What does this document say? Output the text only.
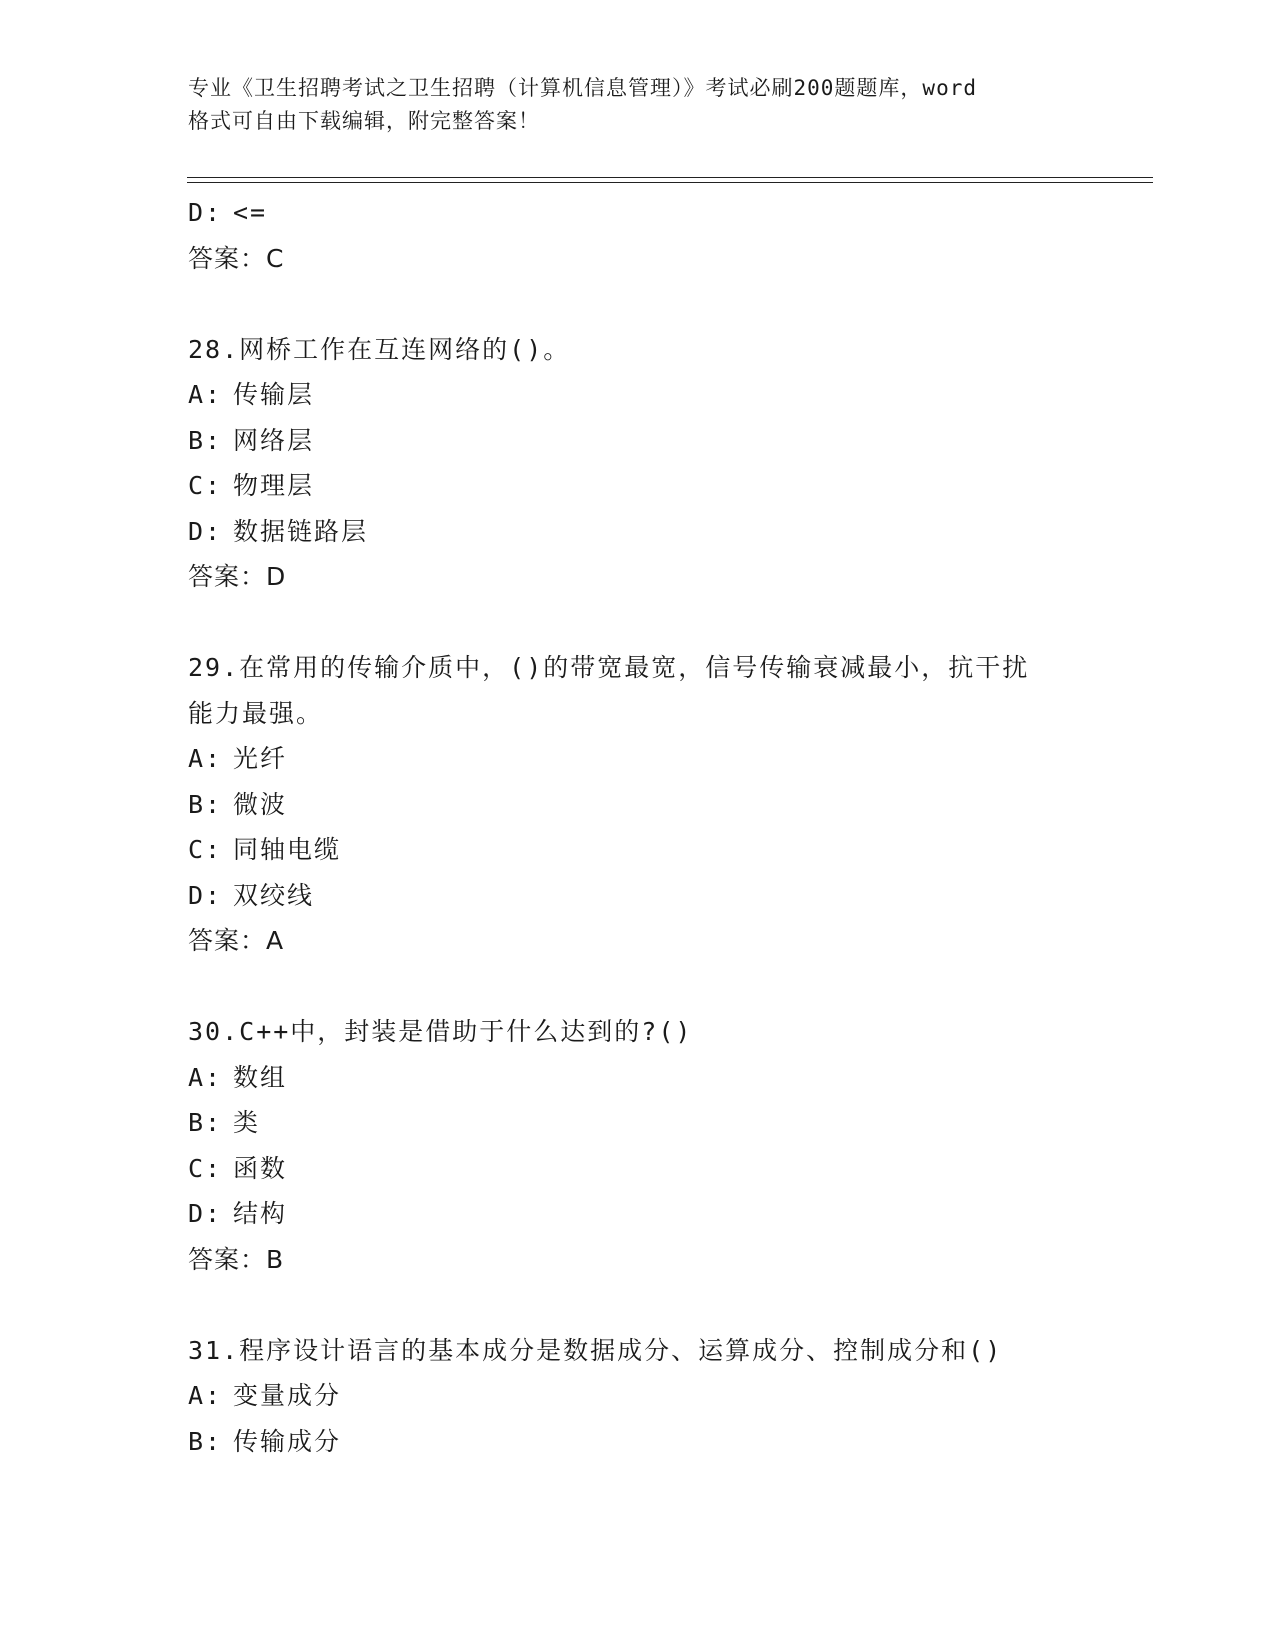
专业《卫生招聘考试之卫生招聘（计算机信息管理）》考试必刷200题题库，word
格式可自由下载编辑，附完整答案！
D: <=
答案：C
28.网桥工作在互连网络的()。
A: 传输层
B: 网络层
C: 物理层
D: 数据链路层
答案：D
29.在常用的传输介质中，()的带宽最宽，信号传输衰减最小，抗干扰
能力最强。
A: 光纤
B: 微波
C: 同轴电缆
D: 双绞线
答案：A
30.C++中，封装是借助于什么达到的?()
A: 数组
B: 类
C: 函数
D: 结构
答案：B
31.程序设计语言的基本成分是数据成分、运算成分、控制成分和()
A: 变量成分
B: 传输成分
